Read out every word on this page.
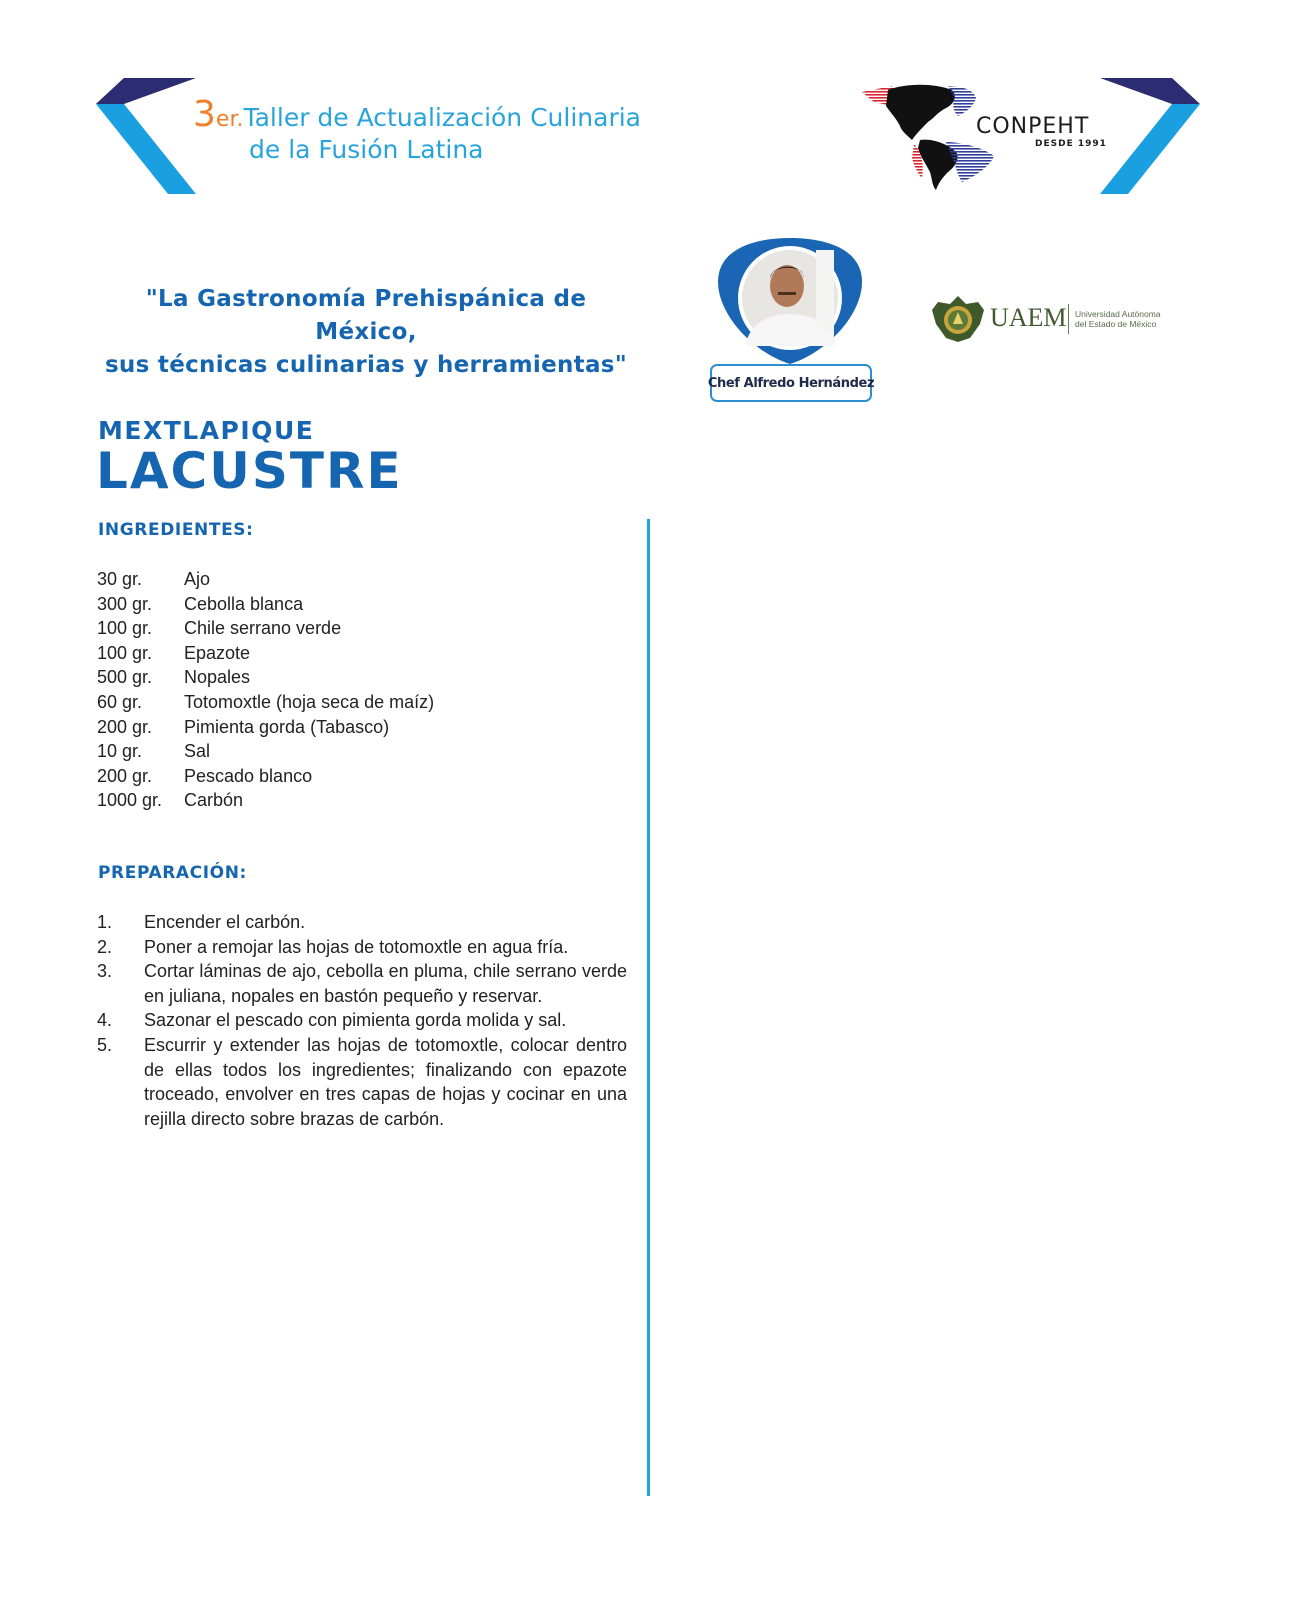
3er.Taller de Actualización Culinaria
de la Fusión Latina
CONPEHT
DESDE 1991
"La Gastronomía Prehispánica de México,
sus técnicas culinarias y herramientas"
Chef Alfredo Hernández
UAEM Universidad Autónoma
del Estado de México
MEXTLAPIQUE
LACUSTRE
INGREDIENTES:
30 gr. Ajo
300 gr. Cebolla blanca
100 gr. Chile serrano verde
100 gr. Epazote
500 gr. Nopales
60 gr. Totomoxtle (hoja seca de maíz)
200 gr. Pimienta gorda (Tabasco)
10 gr. Sal
200 gr. Pescado blanco
1000 gr. Carbón
PREPARACIÓN:
1.	Encender el carbón.
2.	Poner a remojar las hojas de totomoxtle en agua fría.
3.	Cortar láminas de ajo, cebolla en pluma, chile serrano verde en juliana, nopales en bastón pequeño y reservar.
4.	Sazonar el pescado con pimienta gorda molida y sal.
5.	Escurrir y extender las hojas de totomoxtle, colocar dentro de ellas todos los ingredientes; finalizando con epazote troceado, envolver en tres capas de hojas y cocinar en una rejilla directo sobre brazas de carbón.
